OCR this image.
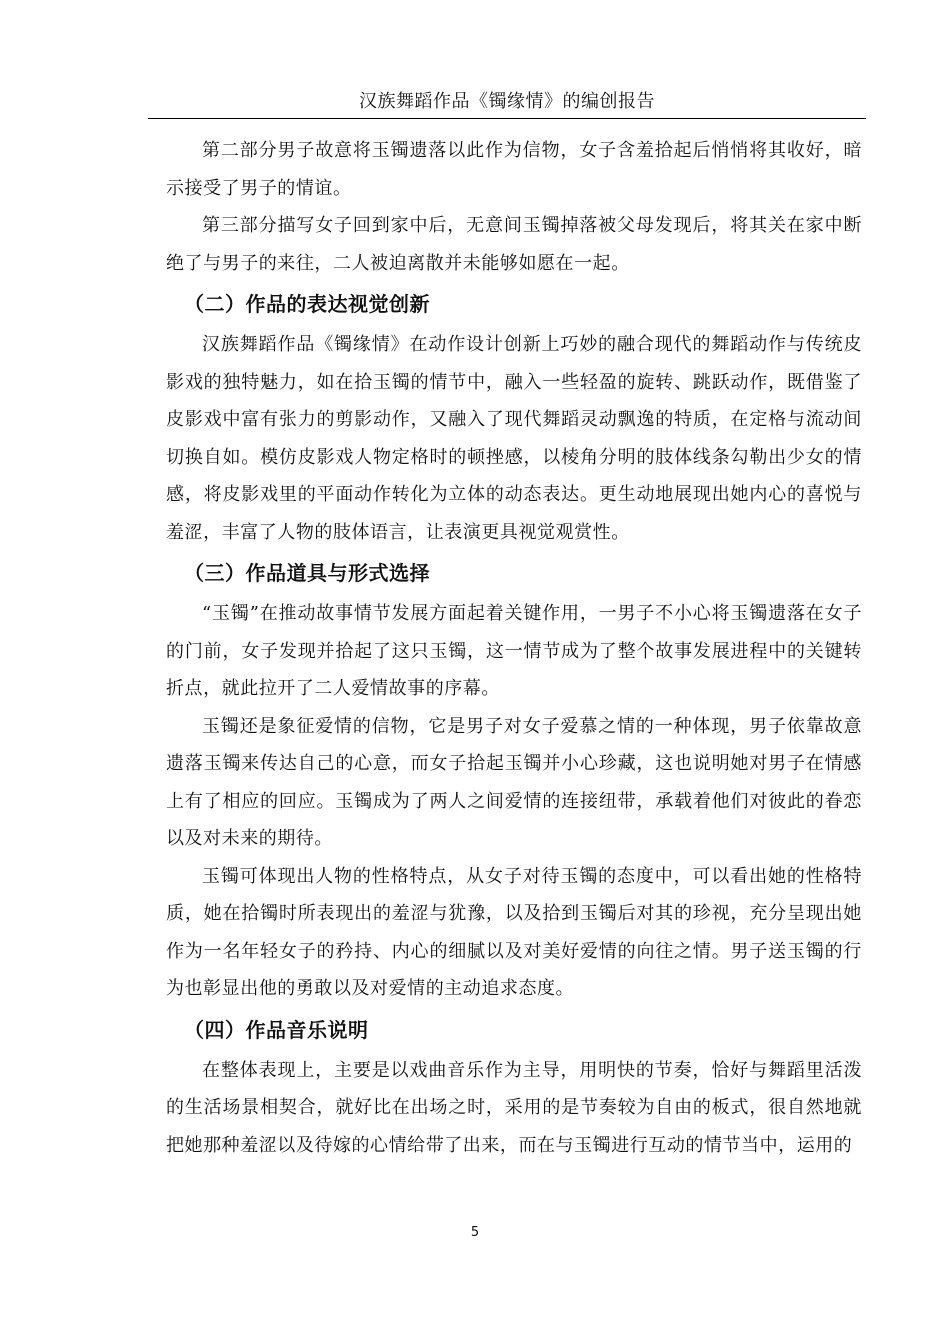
汉族舞蹈作品《镯缘情》的编创报告

第二部分男子故意将玉镯遗落以此作为信物，女子含羞拾起后悄悄将其收好，暗示接受了男子的情谊。

第三部分描写女子回到家中后，无意间玉镯掉落被父母发现后，将其关在家中断绝了与男子的来往，二人被迫离散并未能够如愿在一起。

（二）作品的表达视觉创新

汉族舞蹈作品《镯缘情》在动作设计创新上巧妙的融合现代的舞蹈动作与传统皮影戏的独特魅力，如在拾玉镯的情节中，融入一些轻盈的旋转、跳跃动作，既借鉴了皮影戏中富有张力的剪影动作，又融入了现代舞蹈灵动飘逸的特质，在定格与流动间切换自如。模仿皮影戏人物定格时的顿挫感，以棱角分明的肢体线条勾勒出少女的情感，将皮影戏里的平面动作转化为立体的动态表达。更生动地展现出她内心的喜悦与羞涩，丰富了人物的肢体语言，让表演更具视觉观赏性。

（三）作品道具与形式选择

“玉镯”在推动故事情节发展方面起着关键作用，一男子不小心将玉镯遗落在女子的门前，女子发现并拾起了这只玉镯，这一情节成为了整个故事发展进程中的关键转折点，就此拉开了二人爱情故事的序幕。

玉镯还是象征爱情的信物，它是男子对女子爱慕之情的一种体现，男子依靠故意遗落玉镯来传达自己的心意，而女子拾起玉镯并小心珍藏，这也说明她对男子在情感上有了相应的回应。玉镯成为了两人之间爱情的连接纽带，承载着他们对彼此的眷恋以及对未来的期待。

玉镯可体现出人物的性格特点，从女子对待玉镯的态度中，可以看出她的性格特质，她在拾镯时所表现出的羞涩与犹豫，以及拾到玉镯后对其的珍视，充分呈现出她作为一名年轻女子的矜持、内心的细腻以及对美好爱情的向往之情。男子送玉镯的行为也彰显出他的勇敢以及对爱情的主动追求态度。

（四）作品音乐说明

在整体表现上，主要是以戏曲音乐作为主导，用明快的节奏，恰好与舞蹈里活泼的生活场景相契合，就好比在出场之时，采用的是节奏较为自由的板式，很自然地就把她那种羞涩以及待嫁的心情给带了出来，而在与玉镯进行互动的情节当中，运用的

5
